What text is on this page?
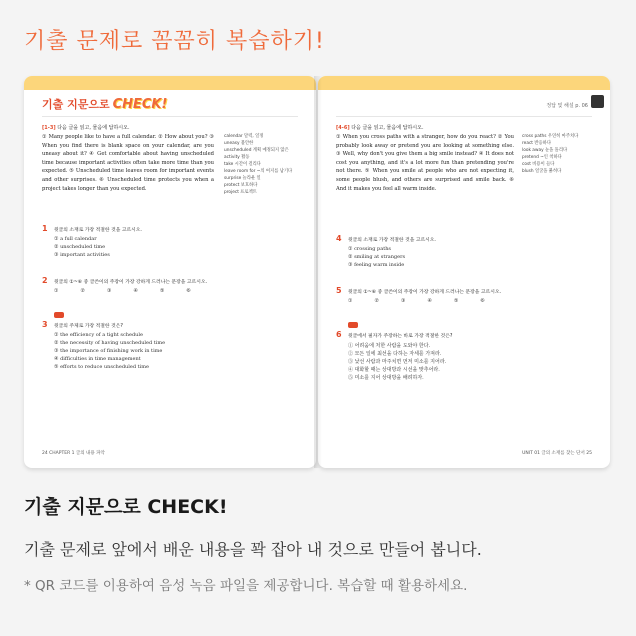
기출 문제로 꼼꼼히 복습하기!
기출 지문으로 CHECK!
[1-3] 다음 글을 읽고, 물음에 답하시오.
① Many people like to have a full calendar. ② How about you? ③ When you find there is blank space on your calendar, are you uneasy about it? ④ Get comfortable about having unscheduled time because important activities often take more time than you expected. ⑤ Unscheduled time leaves room for important events and other surprises. ⑥ Unscheduled time protects you when a project takes longer than you expected.
calendar 달력, 일정
uneasy 불안한
unscheduled 계획 예정되지 않은
activity 활동
take 시간이 걸리다
leave room for ~의 여지를 남기다
surprise 놀라운 일
protect 보호하다
project 프로젝트
1 윗글의 소재로 가장 적절한 것을 고르시오.
① a full calendar
② unscheduled time
③ important activities
2 윗글의 ①~⑥ 중 글쓴이의 주장이 가장 강하게 드러나는 문장을 고르시오.
①	②	③	④	⑤	⑥
3 윗글의 주제로 가장 적절한 것은?
① the efficiency of a tight schedule
② the necessity of having unscheduled time
③ the importance of finishing work in time
④ difficulties in time management
⑤ efforts to reduce unscheduled time
24 CHAPTER 1 글의 내용 파악
정답 및 해설 p. 06
[4-6] 다음 글을 읽고, 물음에 답하시오.
① When you cross paths with a stranger, how do you react? ② You probably look away or pretend you are looking at something else. ③ Well, why don't you give them a big smile instead? ④ It does not cost you anything, and it's a lot more fun than pretending you're not there. ⑤ When you smile at people who are not expecting it, some people blush, and others are surprised and smile back. ⑥ And it makes you feel all warm inside.
cross paths 우연히 마주치다
react 반응하다
look away 눈을 돌리다
pretend ~인 척하다
cost 비용이 들다
blush 얼굴을 붉히다
4 윗글의 소재로 가장 적절한 것을 고르시오.
① crossing paths
② smiling at strangers
③ feeling warm inside
5 윗글의 ①~⑥ 중 글쓴이의 주장이 가장 강하게 드러나는 문장을 고르시오.
①	②	③	④	⑤	⑥
6 윗글에서 필자가 주장하는 바로 가장 적절한 것은?
① 어려움에 처한 사람을 도와야 한다.
② 모든 일에 최선을 다하는 자세를 가져라.
③ 낯선 사람과 마주치면 먼저 미소를 지어라.
④ 대화할 때는 상대방과 시선을 맞추어라.
⑤ 미소를 지어 상대방을 배려하자.
UNIT 01 글의 소재를 찾는 단서 25
기출 지문으로 CHECK!
기출 문제로 앞에서 배운 내용을 꽉 잡아 내 것으로 만들어 봅니다.
* QR 코드를 이용하여 음성 녹음 파일을 제공합니다. 복습할 때 활용하세요.
